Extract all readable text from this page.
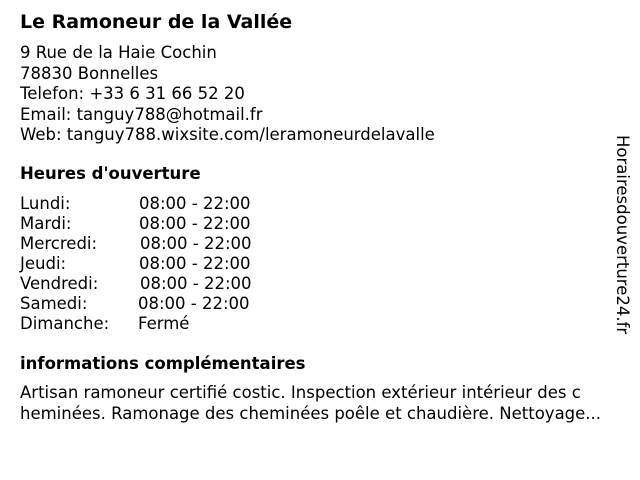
Le Ramoneur de la Vallée
9 Rue de la Haie Cochin
78830 Bonnelles
Telefon: +33 6 31 66 52 20
Email: tanguy788@hotmail.fr
Web: tanguy788.wixsite.com/leramoneurdelavalle
Heures d'ouverture
Lundi:	08:00 - 22:00
Mardi:	08:00 - 22:00
Mercredi:	08:00 - 22:00
Jeudi:	08:00 - 22:00
Vendredi:	08:00 - 22:00
Samedi:	08:00 - 22:00
Dimanche: Fermé
informations complémentaires
Artisan ramoneur certifié costic. Inspection extérieur intérieur des c
heminées. Ramonage des cheminées poêle et chaudière. Nettoyage...
Horairesdouverture24.fr
